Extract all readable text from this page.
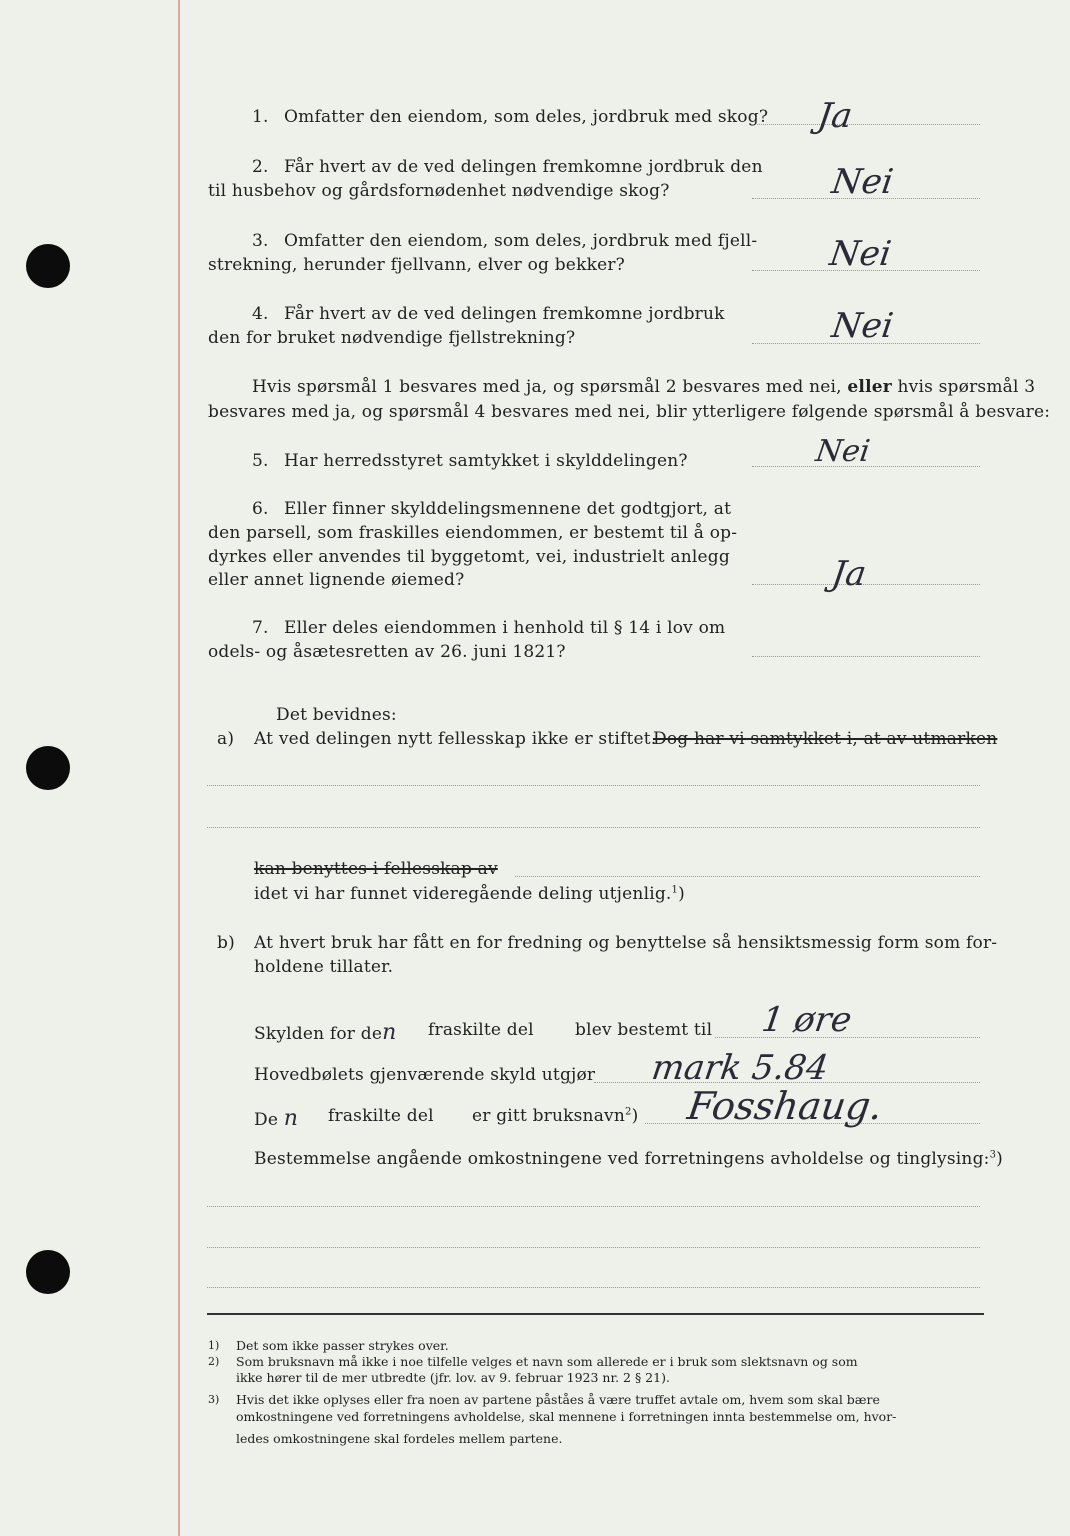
1. Omfatter den eiendom, som deles, jordbruk med skog? Ja
2. Får hvert av de ved delingen fremkomne jordbruk den
til husbehov og gårdsfornødenhet nødvendige skog?	Nei
3. Omfatter den eiendom, som deles, jordbruk med fjell-
strekning, herunder fjellvann, elver og bekker?	Nei
4. Får hvert av de ved delingen fremkomne jordbruk
den for bruket nødvendige fjellstrekning?	Nei
Hvis spørsmål 1 besvares med ja, og spørsmål 2 besvares med nei, eller hvis spørsmål 3
besvares med ja, og spørsmål 4 besvares med nei, blir ytterligere følgende spørsmål å besvare:
5. Har herredsstyret samtykket i skylddelingen?	Nei
6. Eller finner skylddelingsmennene det godtgjort, at
den parsell, som fraskilles eiendommen, er bestemt til å op-
dyrkes eller anvendes til byggetomt, vei, industrielt anlegg
eller annet lignende øiemed?	Ja
7. Eller deles eiendommen i henhold til § 14 i lov om
odels- og åsætesretten av 26. juni 1821?
Det bevidnes:
a) At ved delingen nytt fellesskap ikke er stiftet.
Dog har vi samtykket i, at av utmarken
kan benyttes i fellesskap av
idet vi har funnet videregående deling utjenlig.$^1$)
b) At hvert bruk har fått en for fredning og benyttelse så hensiktsmessig form som for-
holdene tillater.
Skylden for den fraskilte del blev bestemt til 1 øre
Hovedbølets gjenværende skyld utgjør mark 5.84
De n fraskilte del er gitt bruksnavn$^2$) Fosshaug.
Bestemmelse angående omkostningene ved forretningens avholdelse og tinglysing:$^3$)
1) Det som ikke passer strykes over.
2) Som bruksnavn må ikke i noe tilfelle velges et navn som allerede er i bruk som slektsnavn og som
ikke hører til de mer utbredte (jfr. lov. av 9. februar 1923 nr. 2 § 21).
3) Hvis det ikke oplyses eller fra noen av partene påståes å være truffet avtale om, hvem som skal bære
omkostningene ved forretningens avholdelse, skal mennene i forretningen innta bestemmelse om, hvor-
ledes omkostningene skal fordeles mellem partene.
